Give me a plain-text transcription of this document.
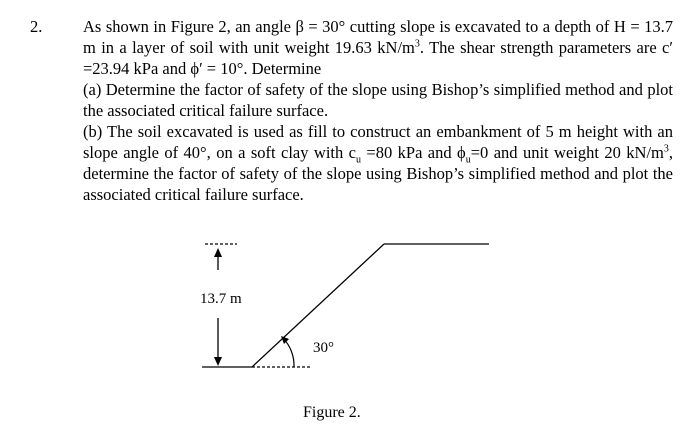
2. As shown in Figure 2, an angle β = 30° cutting slope is excavated to a depth of H = 13.7 m in a layer of soil with unit weight 19.63 $kN/m^3$. The shear strength parameters are c′ =23.94 kPa and ϕ′ = 10°. Determine

(a) Determine the factor of safety of the slope using Bishop’s simplified method and plot the associated critical failure surface.

(b) The soil excavated is used as fill to construct an embankment of 5 m height with an slope angle of 40°, on a soft clay with $c_u =80$ kPa and $\phi_u=0$ and unit weight 20 $kN/m^3$, determine the factor of safety of the slope using Bishop’s simplified method and plot the associated critical failure surface.

13.7 m
30°
Figure 2.
